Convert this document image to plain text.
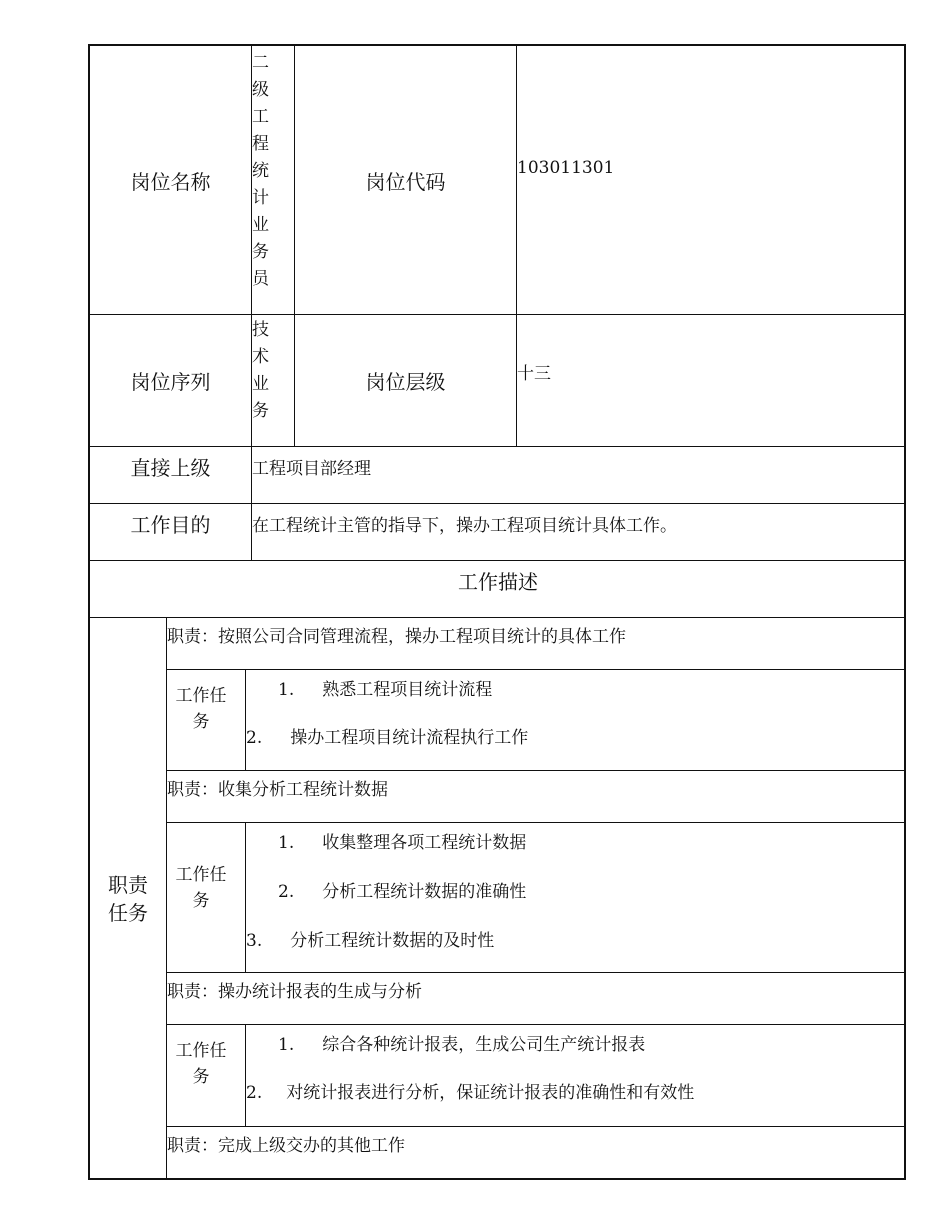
岗位名称
二级工程统计业务员
岗位代码
103011301
岗位序列
技术业务
岗位层级	十三
直接上级 工程项目部经理
工作目的 在工程统计主管的指导下，操办工程项目统计具体工作。
工作描述
职责任务
职责：按照公司合同管理流程，操办工程项目统计的具体工作
工作任务
1. 熟悉工程项目统计流程
2. 操办工程项目统计流程执行工作
职责：收集分析工程统计数据
工作任务
1. 收集整理各项工程统计数据
2. 分析工程统计数据的准确性
3. 分析工程统计数据的及时性
职责：操办统计报表的生成与分析
工作任务
1. 综合各种统计报表，生成公司生产统计报表
2. 对统计报表进行分析，保证统计报表的准确性和有效性
职责：完成上级交办的其他工作
